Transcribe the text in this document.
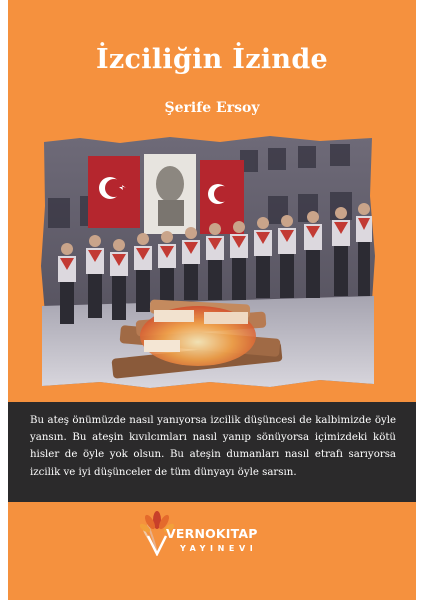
İzciliğin İzinde
Şerife Ersoy

Bu ateş önümüzde nasıl yanıyorsa izcilik düşüncesi de kalbimizde öyle yansın. Bu ateşin kıvılcımları nasıl yanıp sönüyorsa içimizdeki kötü hisler de öyle yok olsun. Bu ateşin dumanları nasıl etrafı sarıyorsa izcilik ve iyi düşünceler de tüm dünyayı öyle sarsın.

VERNOKITAP
YAYINEVI
